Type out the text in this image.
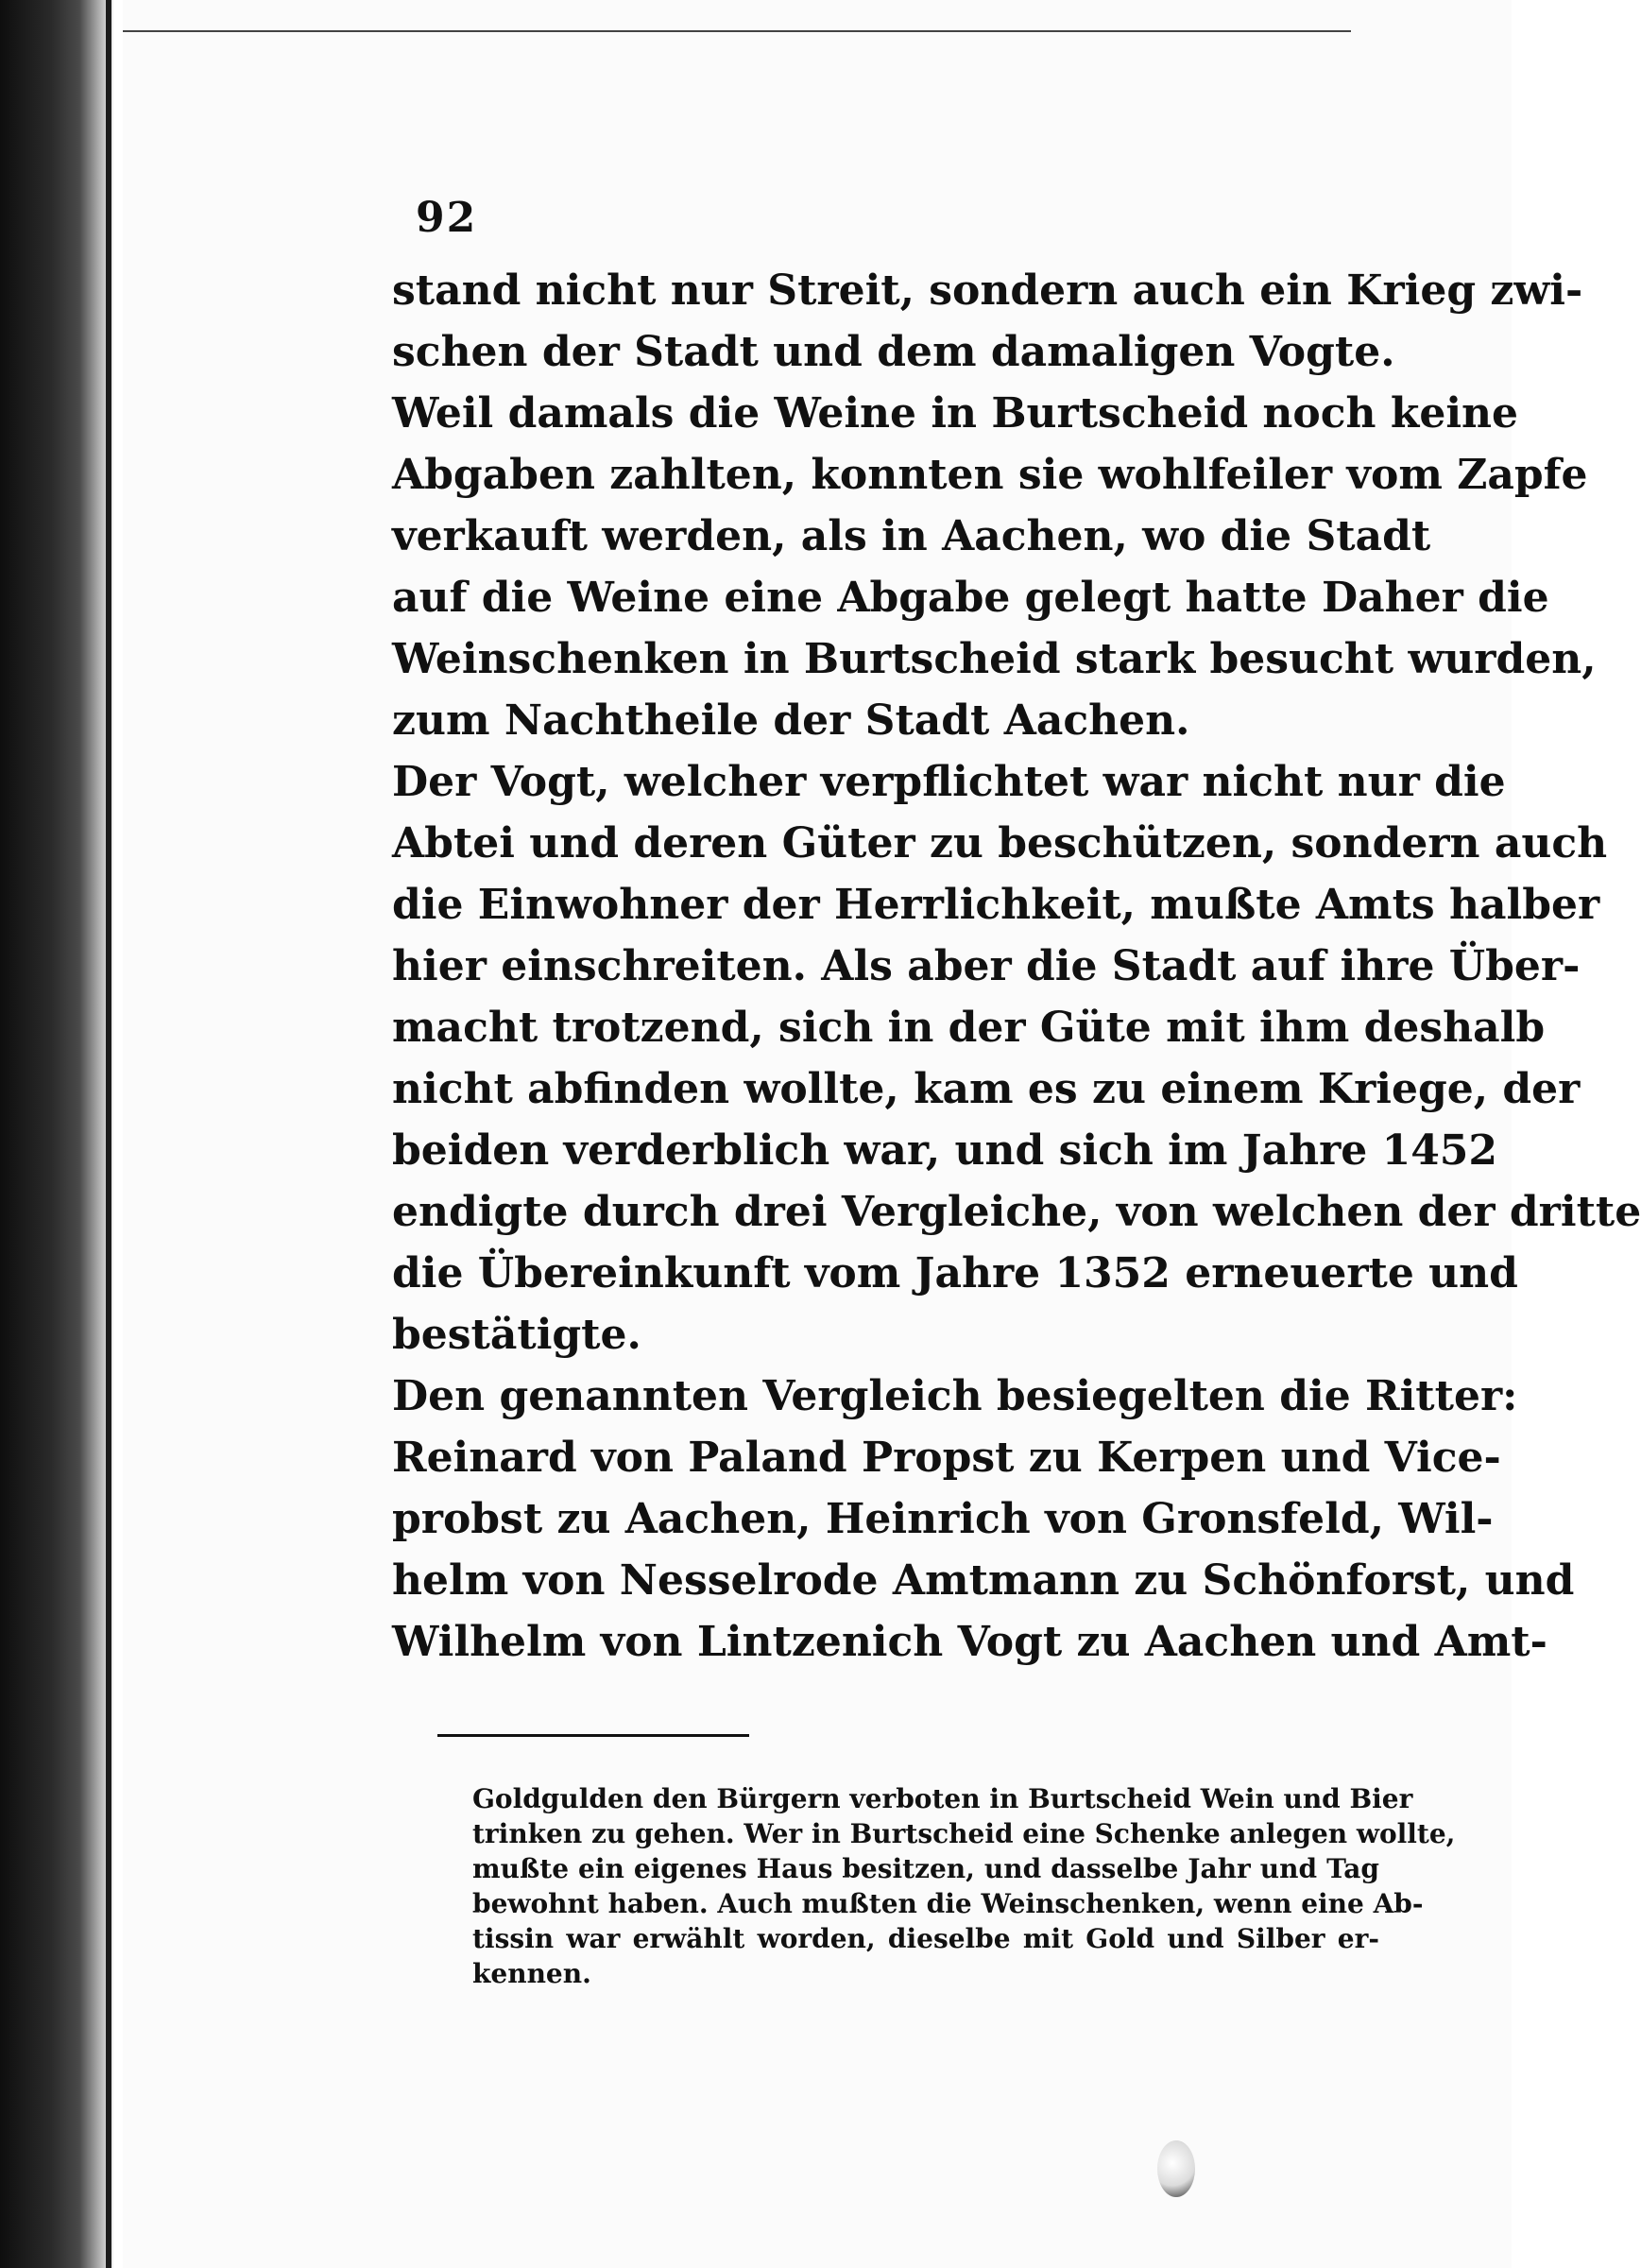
92
stand nicht nur Streit, sondern auch ein Krieg zwi-
schen der Stadt und dem damaligen Vogte.
Weil damals die Weine in Burtscheid noch keine
Abgaben zahlten, konnten sie wohlfeiler vom Zapfe
verkauft werden, als in Aachen, wo die Stadt
auf die Weine eine Abgabe gelegt hatte Daher die
Weinschenken in Burtscheid stark besucht wurden,
zum Nachtheile der Stadt Aachen.
Der Vogt, welcher verpflichtet war nicht nur die
Abtei und deren Güter zu beschützen, sondern auch
die Einwohner der Herrlichkeit, mußte Amts halber
hier einschreiten. Als aber die Stadt auf ihre Über-
macht trotzend, sich in der Güte mit ihm deshalb
nicht abfinden wollte, kam es zu einem Kriege, der
beiden verderblich war, und sich im Jahre 1452
endigte durch drei Vergleiche, von welchen der dritte
die Übereinkunft vom Jahre 1352 erneuerte und
bestätigte.
Den genannten Vergleich besiegelten die Ritter:
Reinard von Paland Propst zu Kerpen und Vice-
probst zu Aachen, Heinrich von Gronsfeld, Wil-
helm von Nesselrode Amtmann zu Schönforst, und
Wilhelm von Lintzenich Vogt zu Aachen und Amt-
Goldgulden den Bürgern verboten in Burtscheid Wein und Bier
trinken zu gehen. Wer in Burtscheid eine Schenke anlegen wollte,
mußte ein eigenes Haus besitzen, und dasselbe Jahr und Tag
bewohnt haben. Auch mußten die Weinschenken, wenn eine Ab-
tissin war erwählt worden, dieselbe mit Gold und Silber er-
kennen.
